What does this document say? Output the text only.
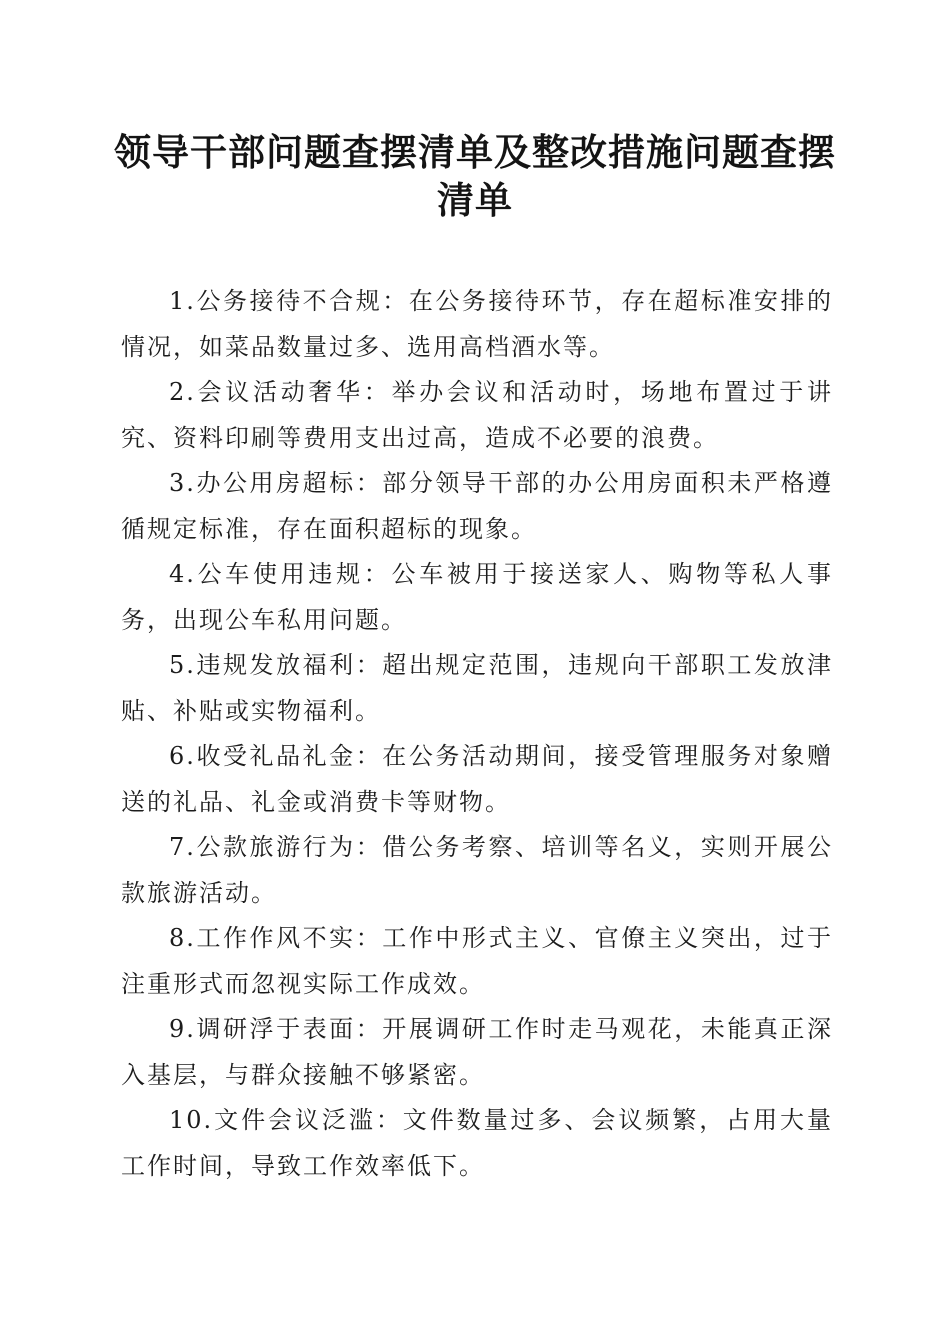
领导干部问题查摆清单及整改措施问题查摆清单
1.公务接待不合规：在公务接待环节，存在超标准安排的情况，如菜品数量过多、选用高档酒水等。
2.会议活动奢华：举办会议和活动时，场地布置过于讲究、资料印刷等费用支出过高，造成不必要的浪费。
3.办公用房超标：部分领导干部的办公用房面积未严格遵循规定标准，存在面积超标的现象。
4.公车使用违规：公车被用于接送家人、购物等私人事务，出现公车私用问题。
5.违规发放福利：超出规定范围，违规向干部职工发放津贴、补贴或实物福利。
6.收受礼品礼金：在公务活动期间，接受管理服务对象赠送的礼品、礼金或消费卡等财物。
7.公款旅游行为：借公务考察、培训等名义，实则开展公款旅游活动。
8.工作作风不实：工作中形式主义、官僚主义突出，过于注重形式而忽视实际工作成效。
9.调研浮于表面：开展调研工作时走马观花，未能真正深入基层，与群众接触不够紧密。
10.文件会议泛滥：文件数量过多、会议频繁，占用大量工作时间，导致工作效率低下。
